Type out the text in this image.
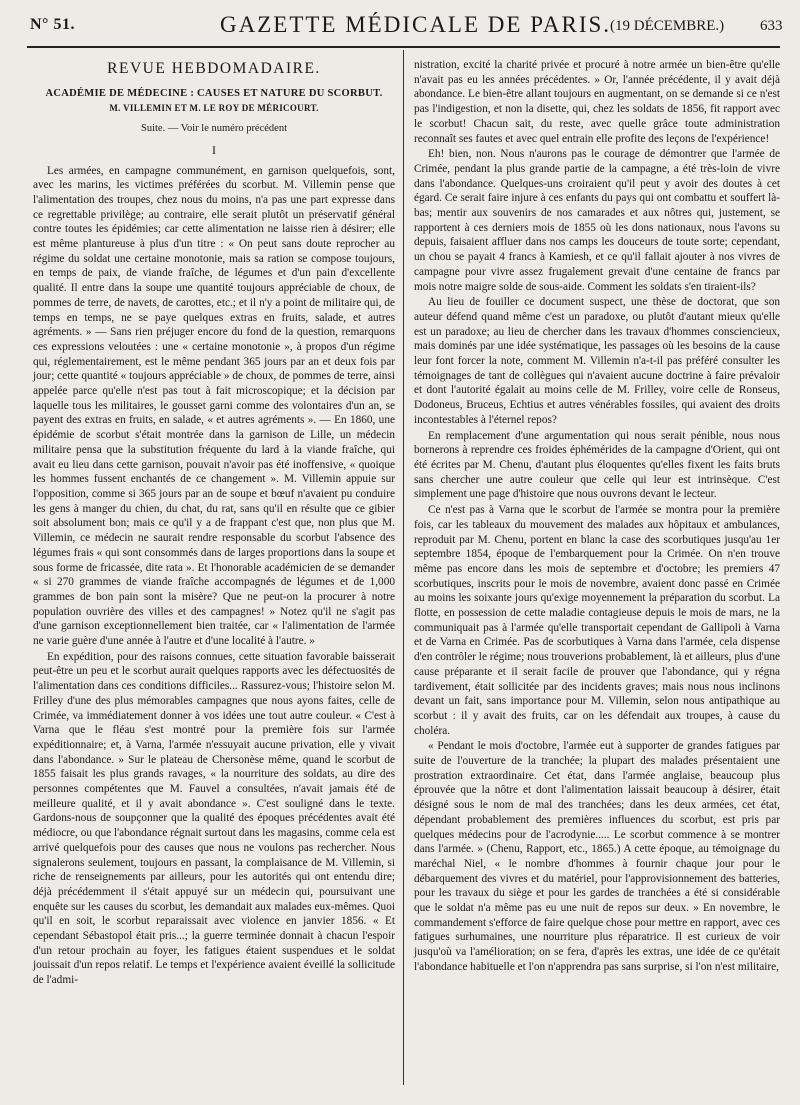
N° 51.	GAZETTE MÉDICALE DE PARIS.
(19 DÉCEMBRE.) 633
REVUE HEBDOMADAIRE.
ACADÉMIE DE MÉDECINE : CAUSES ET NATURE DU SCORBUT.
M. VILLEMIN ET M. LE ROY DE MÉRICOURT.
Suite. — Voir le numéro précédent
I

Les armées, en campagne communément, en garnison quelquefois, sont, avec les marins, les victimes préférées du scorbut. M. Villemin pense que l'alimentation des troupes, chez nous du moins, n'a pas une part expresse dans ce regrettable privilège; au contraire, elle serait plutôt un préservatif général contre toutes les épidémies; car cette alimentation ne laisse rien à désirer; elle est même plantureuse à plus d'un titre : « On peut sans doute reprocher au régime du soldat une certaine monotonie, mais sa ration se compose toujours, en temps de paix, de viande fraîche, de légumes et d'un pain d'excellente qualité. Il entre dans la soupe une quantité toujours appréciable de choux, de pommes de terre, de navets, de carottes, etc.; et il n'y a point de militaire qui, de temps en temps, ne se paye quelques extras en fruits, salade, et autres agréments. » — Sans rien préjuger encore du fond de la question, remarquons ces expressions veloutées : une « certaine monotonie », à propos d'un régime qui, réglementairement, est le même pendant 365 jours par an et deux fois par jour; cette quantité « toujours appréciable » de choux, de pommes de terre, ainsi appelée parce qu'elle n'est pas tout à fait microscopique; et la décision par laquelle tous les militaires, le gousset garni comme des volontaires d'un an, se payent des extras en fruits, en salade, « et autres agréments ». — En 1860, une épidémie de scorbut s'était montrée dans la garnison de Lille, un médecin militaire pensa que la substitution fréquente du lard à la viande fraîche, qui avait eu lieu dans cette garnison, pouvait n'avoir pas été inoffensive, « quoique les hommes fussent enchantés de ce changement ». M. Villemin appuie sur l'opposition, comme si 365 jours par an de soupe et bœuf n'avaient pu conduire les gens à manger du chien, du chat, du rat, sans qu'il en résulte que ce gibier soit absolument bon; mais ce qu'il y a de frappant c'est que, non plus que M. Villemin, ce médecin ne saurait rendre responsable du scorbut l'absence des légumes frais « qui sont consommés dans de larges proportions dans la soupe et sous forme de fricassée, dite rata ». Et l'honorable académicien de se demander « si 270 grammes de viande fraîche accompagnés de légumes et de 1,000 grammes de bon pain sont la misère? Que ne peut-on la procurer à notre population ouvrière des villes et des campagnes! » Notez qu'il ne s'agit pas d'une garnison exceptionnellement bien traitée, car « l'alimentation de l'armée ne varie guère d'une année à l'autre et d'une localité à l'autre. »

En expédition, pour des raisons connues, cette situation favorable baisserait peut-être un peu et le scorbut aurait quelques rapports avec les défectuosités de l'alimentation dans ces conditions difficiles... Rassurez-vous; l'histoire selon M. Frilley d'une des plus mémorables campagnes que nous ayons faites, celle de Crimée, va immédiatement donner à vos idées une tout autre couleur. « C'est à Varna que le fléau s'est montré pour la première fois sur l'armée expéditionnaire; et, à Varna, l'armée n'essuyait aucune privation, elle y vivait dans l'abondance. » Sur le plateau de Chersonèse même, quand le scorbut de 1855 faisait les plus grands ravages, « la nourriture des soldats, au dire des personnes compétentes que M. Fauvel a consultées, n'avait jamais été de meilleure qualité, et il y avait abondance ». C'est souligné dans le texte. Gardons-nous de soupçonner que la qualité des époques précédentes avait été médiocre, ou que l'abondance régnait surtout dans les magasins, comme cela est arrivé quelquefois pour des causes que nous ne voulons pas rechercher. Nous signalerons seulement, toujours en passant, la complaisance de M. Villemin, si riche de renseignements par ailleurs, pour les autorités qui ont entendu dire; déjà précédemment il s'était appuyé sur un médecin qui, poursuivant une enquête sur les causes du scorbut, les demandait aux malades eux-mêmes. Quoi qu'il en soit, le scorbut reparaissait avec violence en janvier 1856. « Et cependant Sébastopol était pris...; la guerre terminée donnait à chacun l'espoir d'un retour prochain au foyer, les fatigues étaient suspendues et le soldat jouissait d'un repos relatif. Le temps et l'expérience avaient éveillé la sollicitude de l'admi-

nistration, excité la charité privée et procuré à notre armée un bien-être qu'elle n'avait pas eu les années précédentes. » Or, l'année précédente, il y avait déjà abondance. Le bien-être allant toujours en augmentant, on se demande si ce n'est pas l'indigestion, et non la disette, qui, chez les soldats de 1856, fit rapport avec le scorbut! Chacun sait, du reste, avec quelle grâce toute administration reconnaît ses fautes et avec quel entrain elle profite des leçons de l'expérience!

Eh! bien, non. Nous n'aurons pas le courage de démontrer que l'armée de Crimée, pendant la plus grande partie de la campagne, a été très-loin de vivre dans l'abondance. Quelques-uns croiraient qu'il peut y avoir des doutes à cet égard. Ce serait faire injure à ces enfants du pays qui ont combattu et souffert là-bas; mentir aux souvenirs de nos camarades et aux nôtres qui, justement, se rapportent à ces derniers mois de 1855 où les dons nationaux, nous l'avons su depuis, faisaient affluer dans nos camps les douceurs de toute sorte; cependant, un chou se payait 4 francs à Kamiesh, et ce qu'il fallait ajouter à nos vivres de campagne pour vivre assez frugalement grevait d'une centaine de francs par mois notre maigre solde de sous-aide. Comment les soldats s'en tiraient-ils?

Au lieu de fouiller ce document suspect, une thèse de doctorat, que son auteur défend quand même c'est un paradoxe, ou plutôt d'autant mieux qu'elle est un paradoxe; au lieu de chercher dans les travaux d'hommes consciencieux, mais dominés par une idée systématique, les passages où les besoins de la cause leur font forcer la note, comment M. Villemin n'a-t-il pas préféré consulter les témoignages de tant de collègues qui n'avaient aucune doctrine à faire prévaloir et dont l'autorité égalait au moins celle de M. Frilley, voire celle de Ronseus, Dodoneus, Bruceus, Echtius et autres vénérables fossiles, qui avaient des droits incontestables à l'éternel repos?

En remplacement d'une argumentation qui nous serait pénible, nous nous bornerons à reprendre ces froides éphémérides de la campagne d'Orient, qui ont été écrites par M. Chenu, d'autant plus éloquentes qu'elles fixent les faits bruts sans chercher une autre couleur que celle qui leur est intrinsèque. C'est simplement une page d'histoire que nous ouvrons devant le lecteur.

Ce n'est pas à Varna que le scorbut de l'armée se montra pour la première fois, car les tableaux du mouvement des malades aux hôpitaux et ambulances, reproduit par M. Chenu, portent en blanc la case des scorbutiques jusqu'au 1er septembre 1854, époque de l'embarquement pour la Crimée. On n'en trouve même pas encore dans les mois de septembre et d'octobre; les premiers 47 scorbutiques, inscrits pour le mois de novembre, avaient donc passé en Crimée au moins les soixante jours qu'exige moyennement la préparation du scorbut. La flotte, en possession de cette maladie contagieuse depuis le mois de mars, ne la communiquait pas à l'armée qu'elle transportait cependant de Gallipoli à Varna et de Varna en Crimée. Pas de scorbutiques à Varna dans l'armée, cela dispense d'en contrôler le régime; nous trouverions probablement, là et ailleurs, plus d'une cause préparante et il serait facile de prouver que l'abondance, qui y régna tardivement, était sollicitée par des incidents graves; mais nous nous inclinons devant un fait, sans importance pour M. Villemin, selon nous antipathique au scorbut : il y avait des fruits, car on les défendait aux troupes, à cause du choléra.

« Pendant le mois d'octobre, l'armée eut à supporter de grandes fatigues par suite de l'ouverture de la tranchée; la plupart des malades présentaient une prostration extraordinaire. Cet état, dans l'armée anglaise, beaucoup plus éprouvée que la nôtre et dont l'alimentation laissait beaucoup à désirer, était désigné sous le nom de mal des tranchées; dans les deux armées, cet état, dépendant probablement des premières influences du scorbut, est pris par quelques médecins pour de l'acrodynie..... Le scorbut commence à se montrer dans l'armée. » (Chenu, Rapport, etc., 1865.) A cette époque, au témoignage du maréchal Niel, « le nombre d'hommes à fournir chaque jour pour le débarquement des vivres et du matériel, pour l'approvisionnement des batteries, pour les travaux du siège et pour les gardes de tranchées a été si considérable que le soldat n'a même pas eu une nuit de repos sur deux. » En novembre, le commandement s'efforce de faire quelque chose pour mettre en rapport, avec ces fatigues surhumaines, une nourriture plus réparatrice. Il est curieux de voir jusqu'où va l'amélioration; on se fera, d'après les extras, une idée de ce qu'était l'abondance habituelle et l'on n'apprendra pas sans surprise, si l'on n'est militaire,
